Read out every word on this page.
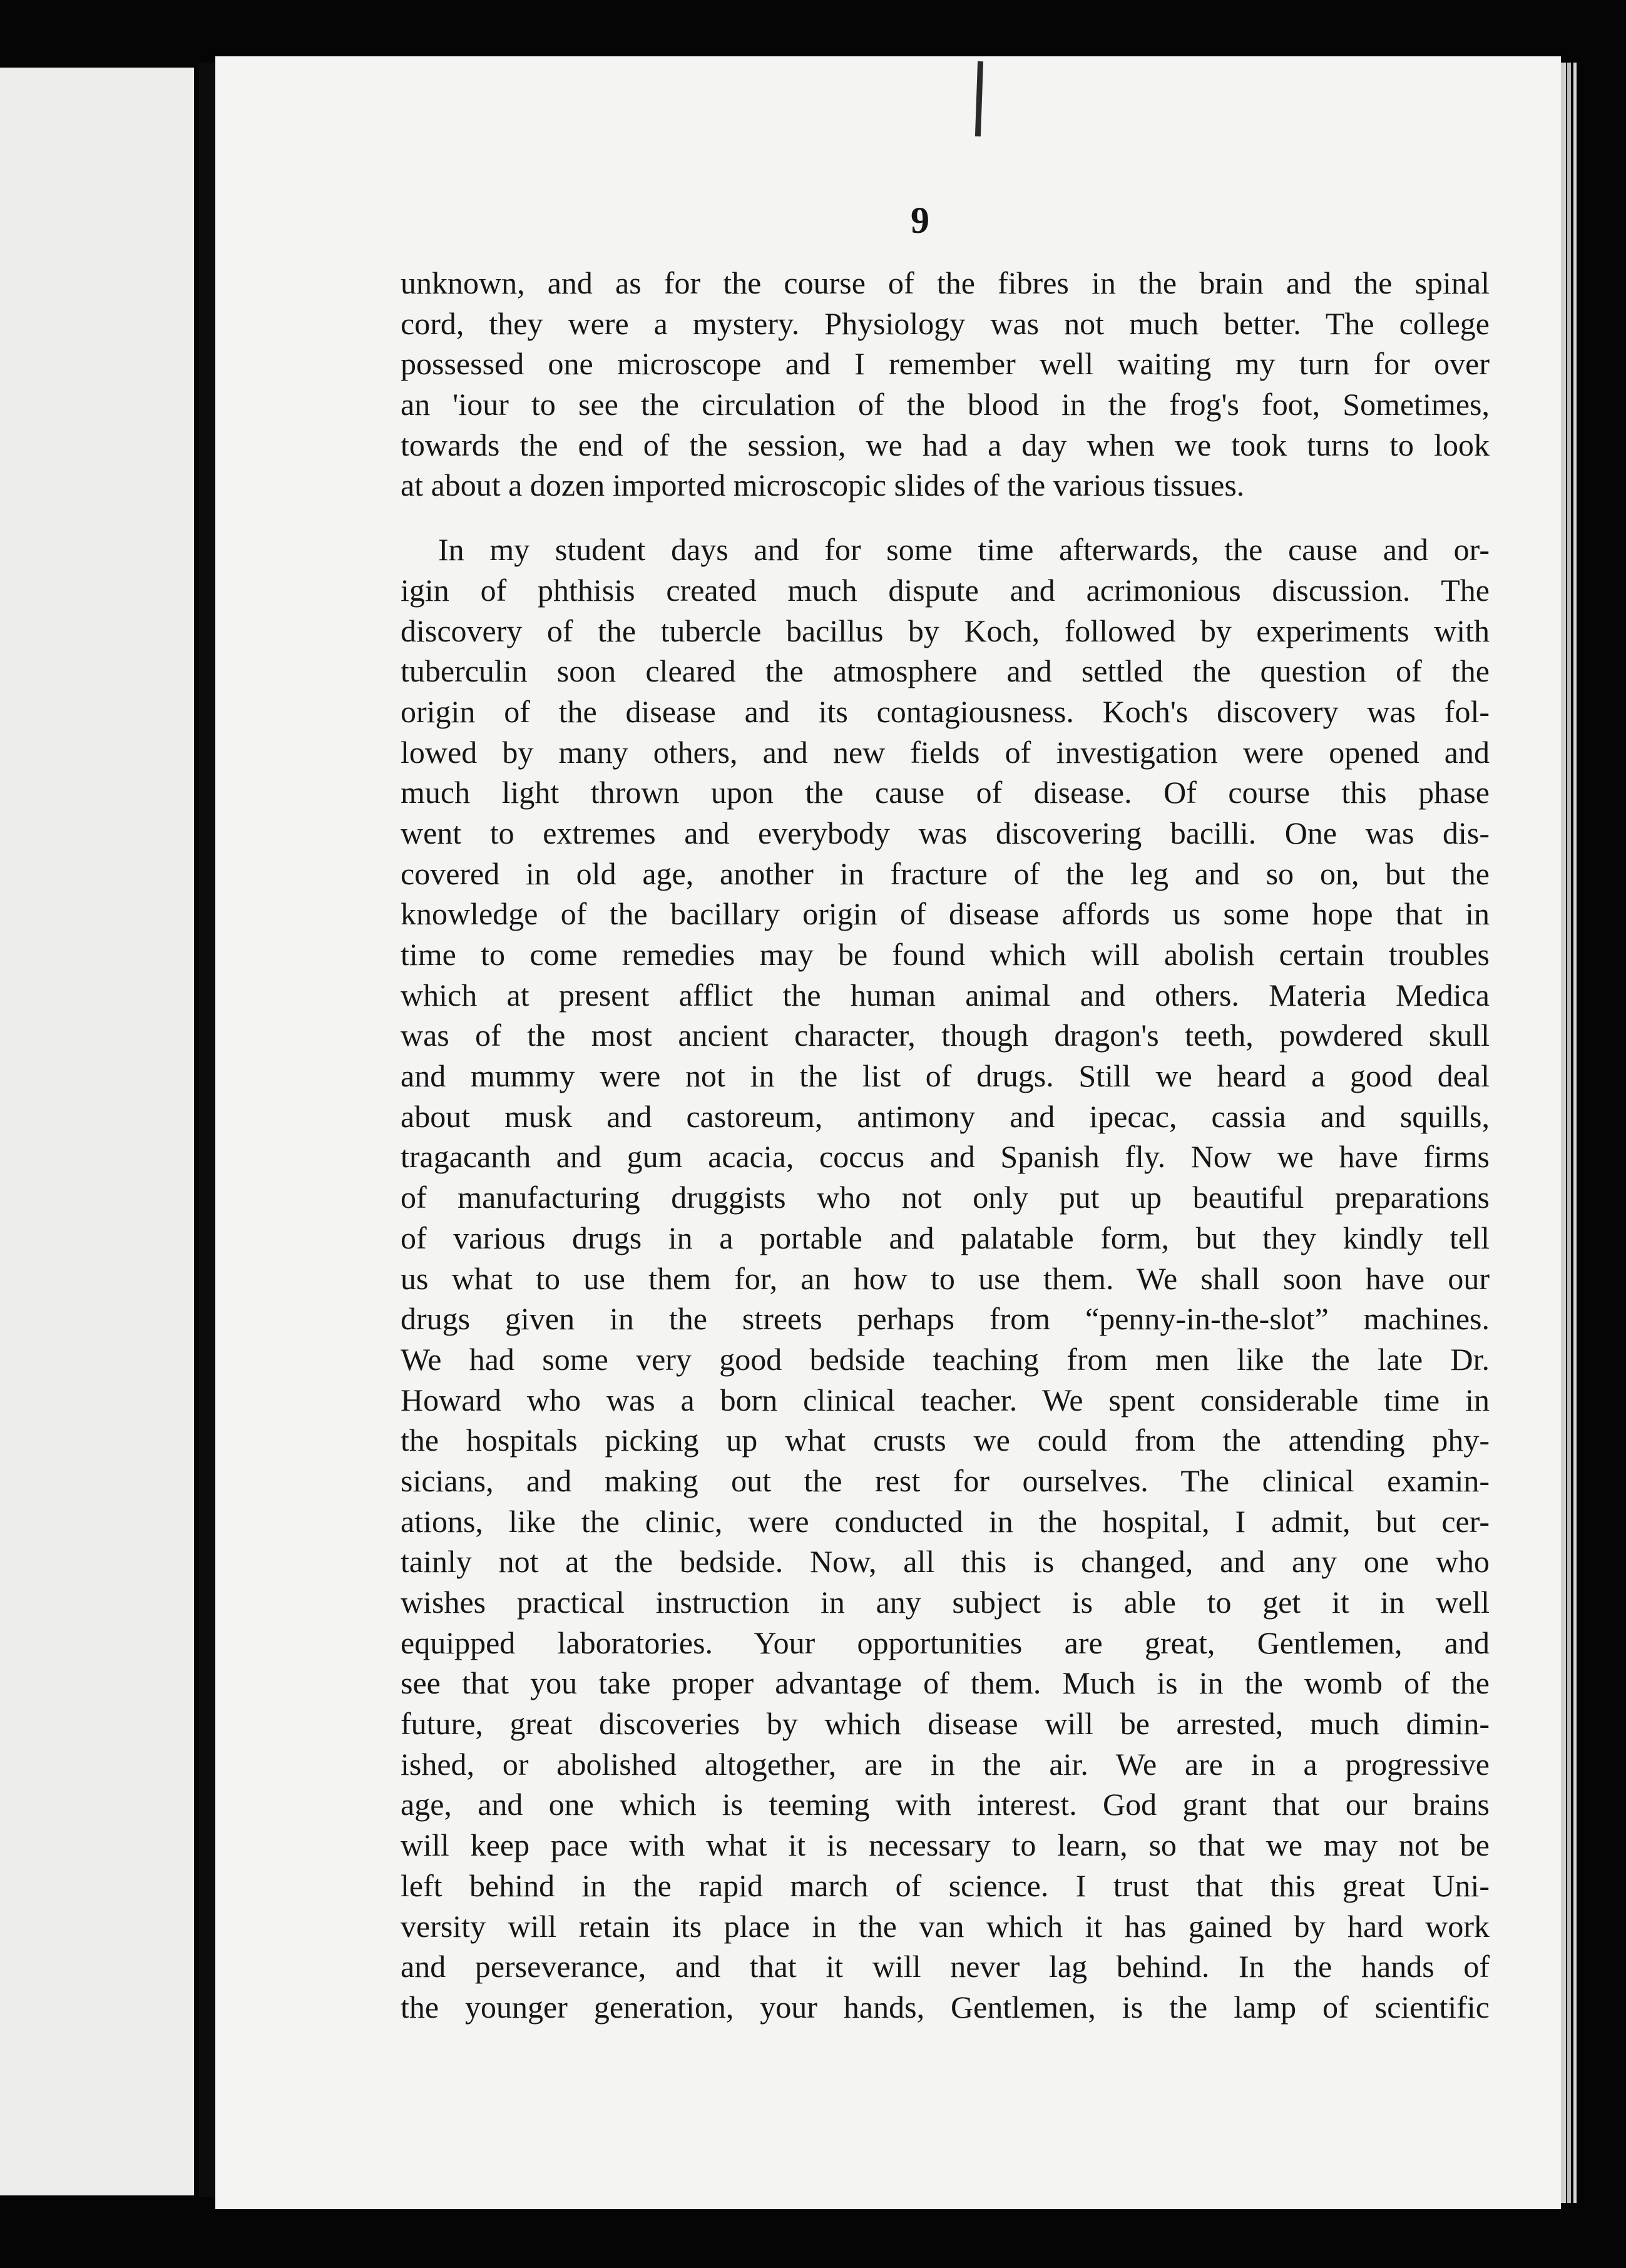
9
unknown, and as for the course of the fibres in the brain and the spinal
cord, they were a mystery. Physiology was not much better. The college
possessed one microscope and I remember well waiting my turn for over
an 'iour to see the circulation of the blood in the frog's foot, Sometimes,
towards the end of the session, we had a day when we took turns to look
at about a dozen imported microscopic slides of the various tissues.
In my student days and for some time afterwards, the cause and or-
igin of phthisis created much dispute and acrimonious discussion. The
discovery of the tubercle bacillus by Koch, followed by experiments with
tuberculin soon cleared the atmosphere and settled the question of the
origin of the disease and its contagiousness. Koch's discovery was fol-
lowed by many others, and new fields of investigation were opened and
much light thrown upon the cause of disease. Of course this phase
went to extremes and everybody was discovering bacilli. One was dis-
covered in old age, another in fracture of the leg and so on, but the
knowledge of the bacillary origin of disease affords us some hope that in
time to come remedies may be found which will abolish certain troubles
which at present afflict the human animal and others. Materia Medica
was of the most ancient character, though dragon's teeth, powdered skull
and mummy were not in the list of drugs. Still we heard a good deal
about musk and castoreum, antimony and ipecac, cassia and squills,
tragacanth and gum acacia, coccus and Spanish fly. Now we have firms
of manufacturing druggists who not only put up beautiful preparations
of various drugs in a portable and palatable form, but they kindly tell
us what to use them for, an how to use them. We shall soon have our
drugs given in the streets perhaps from “penny-in-the-slot” machines.
We had some very good bedside teaching from men like the late Dr.
Howard who was a born clinical teacher. We spent considerable time in
the hospitals picking up what crusts we could from the attending phy-
sicians, and making out the rest for ourselves. The clinical examin-
ations, like the clinic, were conducted in the hospital, I admit, but cer-
tainly not at the bedside. Now, all this is changed, and any one who
wishes practical instruction in any subject is able to get it in well
equipped laboratories. Your opportunities are great, Gentlemen, and
see that you take proper advantage of them. Much is in the womb of the
future, great discoveries by which disease will be arrested, much dimin-
ished, or abolished altogether, are in the air. We are in a progressive
age, and one which is teeming with interest. God grant that our brains
will keep pace with what it is necessary to learn, so that we may not be
left behind in the rapid march of science. I trust that this great Uni-
versity will retain its place in the van which it has gained by hard work
and perseverance, and that it will never lag behind. In the hands of
the younger generation, your hands, Gentlemen, is the lamp of scientific
